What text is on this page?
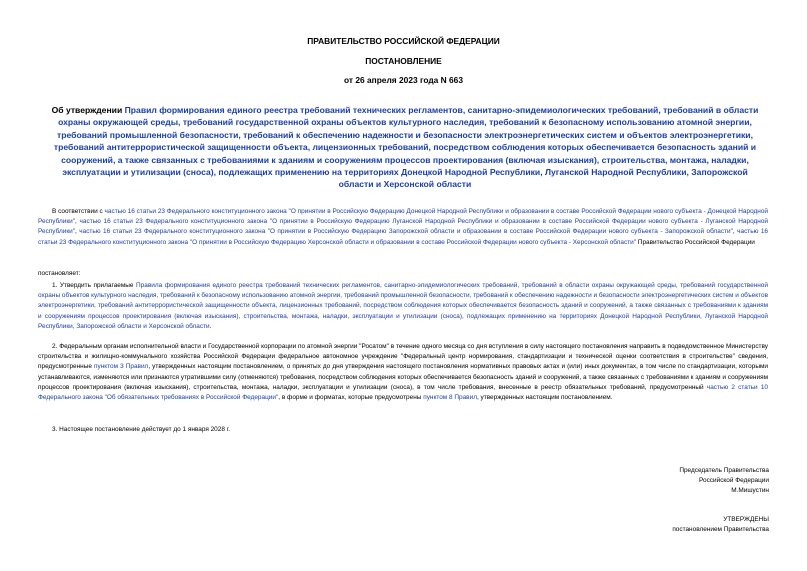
ПРАВИТЕЛЬСТВО РОССИЙСКОЙ ФЕДЕРАЦИИ
ПОСТАНОВЛЕНИЕ
от 26 апреля 2023 года N 663
Об утверждении Правил формирования единого реестра требований технических регламентов, санитарно-эпидемиологических требований, требований в области охраны окружающей среды, требований государственной охраны объектов культурного наследия, требований к безопасному использованию атомной энергии, требований промышленной безопасности, требований к обеспечению надежности и безопасности электроэнергетических систем и объектов электроэнергетики, требований антитеррористической защищенности объекта, лицензионных требований, посредством соблюдения которых обеспечивается безопасность зданий и сооружений, а также связанных с требованиями к зданиям и сооружениям процессов проектирования (включая изыскания), строительства, монтажа, наладки, эксплуатации и утилизации (сноса), подлежащих применению на территориях Донецкой Народной Республики, Луганской Народной Республики, Запорожской области и Херсонской области
В соответствии с частью 16 статьи 23 Федерального конституционного закона "О принятии в Российскую Федерацию Донецкой Народной Республики и образовании в составе Российской Федерации нового субъекта - Донецкой Народной Республики", частью 16 статьи 23 Федерального конституционного закона "О принятии в Российскую Федерацию Луганской Народной Республики и образовании в составе Российской Федерации нового субъекта - Луганской Народной Республики", частью 16 статьи 23 Федерального конституционного закона "О принятии в Российскую Федерацию Запорожской области и образовании в составе Российской Федерации нового субъекта - Запорожской области", частью 16 статьи 23 Федерального конституционного закона "О принятии в Российскую Федерацию Херсонской области и образовании в составе Российской Федерации нового субъекта - Херсонской области" Правительство Российской Федерации
постановляет:
1. Утвердить прилагаемые Правила формирования единого реестра требований технических регламентов, санитарно-эпидемиологических требований, требований в области охраны окружающей среды, требований государственной охраны объектов культурного наследия, требований к безопасному использованию атомной энергии, требований промышленной безопасности, требований к обеспечению надежности и безопасности электроэнергетических систем и объектов электроэнергетики, требований антитеррористической защищенности объекта, лицензионных требований, посредством соблюдения которых обеспечивается безопасность зданий и сооружений, а также связанных с требованиями к зданиям и сооружениям процессов проектирования (включая изыскания), строительства, монтажа, наладки, эксплуатации и утилизации (сноса), подлежащих применению на территориях Донецкой Народной Республики, Луганской Народной Республики, Запорожской области и Херсонской области.
2. Федеральным органам исполнительной власти и Государственной корпорации по атомной энергии "Росатом" в течение одного месяца со дня вступления в силу настоящего постановления направить в подведомственное Министерству строительства и жилищно-коммунального хозяйства Российской Федерации федеральное автономное учреждение "Федеральный центр нормирования, стандартизации и технической оценки соответствия в строительстве" сведения, предусмотренные пунктом 3 Правил, утвержденных настоящим постановлением, о принятых до дня утверждения настоящего постановления нормативных правовых актах и (или) иных документах, в том числе по стандартизации, которыми устанавливаются, изменяются или признаются утратившими силу (отменяются) требования, посредством соблюдения которых обеспечивается безопасность зданий и сооружений, а также связанных с требованиями к зданиям и сооружениям процессов проектирования (включая изыскания), строительства, монтажа, наладки, эксплуатации и утилизации (сноса), в том числе требования, внесенные в реестр обязательных требований, предусмотренный частью 2 статьи 10 Федерального закона "Об обязательных требованиях в Российской Федерации", в форме и форматах, которые предусмотрены пунктом 8 Правил, утвержденных настоящим постановлением.
3. Настоящее постановление действует до 1 января 2028 г.
Председатель Правительства
Российской Федерации
М.Мишустин
УТВЕРЖДЕНЫ
постановлением Правительства
